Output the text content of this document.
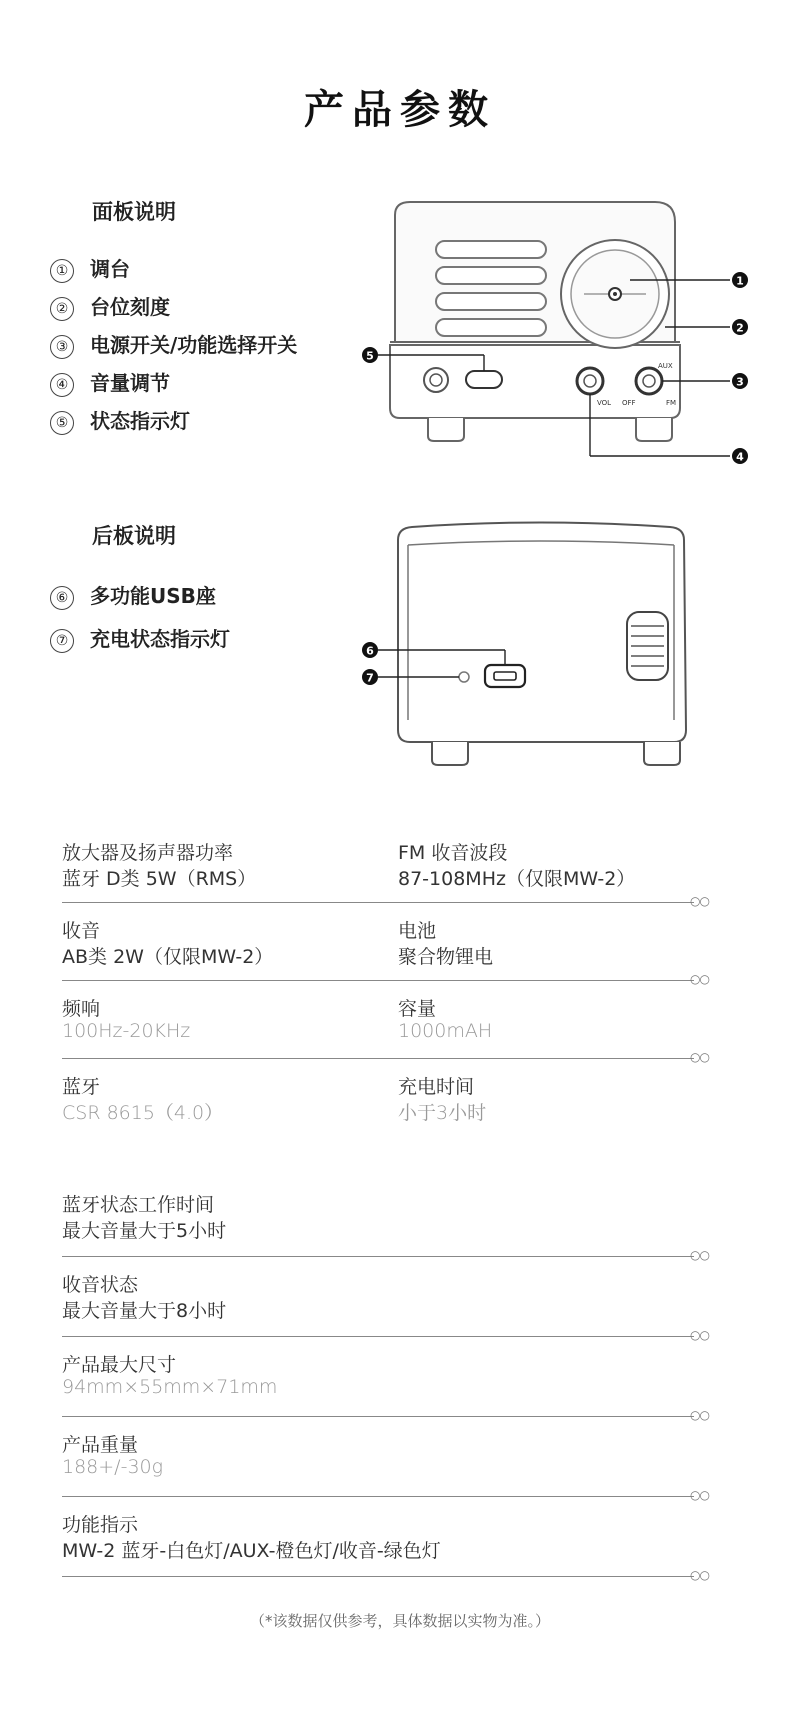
产品参数
面板说明
① 调台
② 台位刻度
③ 电源开关/功能选择开关
④ 音量调节
⑤ 状态指示灯
VOL OFF	FM
AUX
1
2
3
4
5
后板说明
⑥ 多功能USB座
⑦ 充电状态指示灯	6
7
放大器及扬声器功率
蓝牙 D类 5W（RMS）
FM 收音波段
87-108MHz（仅限MW-2）
○○
收音
AB类 2W（仅限MW-2）
电池
聚合物锂电
○○
频响
100Hz-20KHz
容量
1000mAH
○○
蓝牙
CSR 8615（4.0）
充电时间
小于3小时
蓝牙状态工作时间
最大音量大于5小时
○○
收音状态
最大音量大于8小时
○○
产品最大尺寸
94mm×55mm×71mm
○○
产品重量
188+/-30g
○○
功能指示
MW-2 蓝牙-白色灯/AUX-橙色灯/收音-绿色灯
○○
（*该数据仅供参考，具体数据以实物为准。）
